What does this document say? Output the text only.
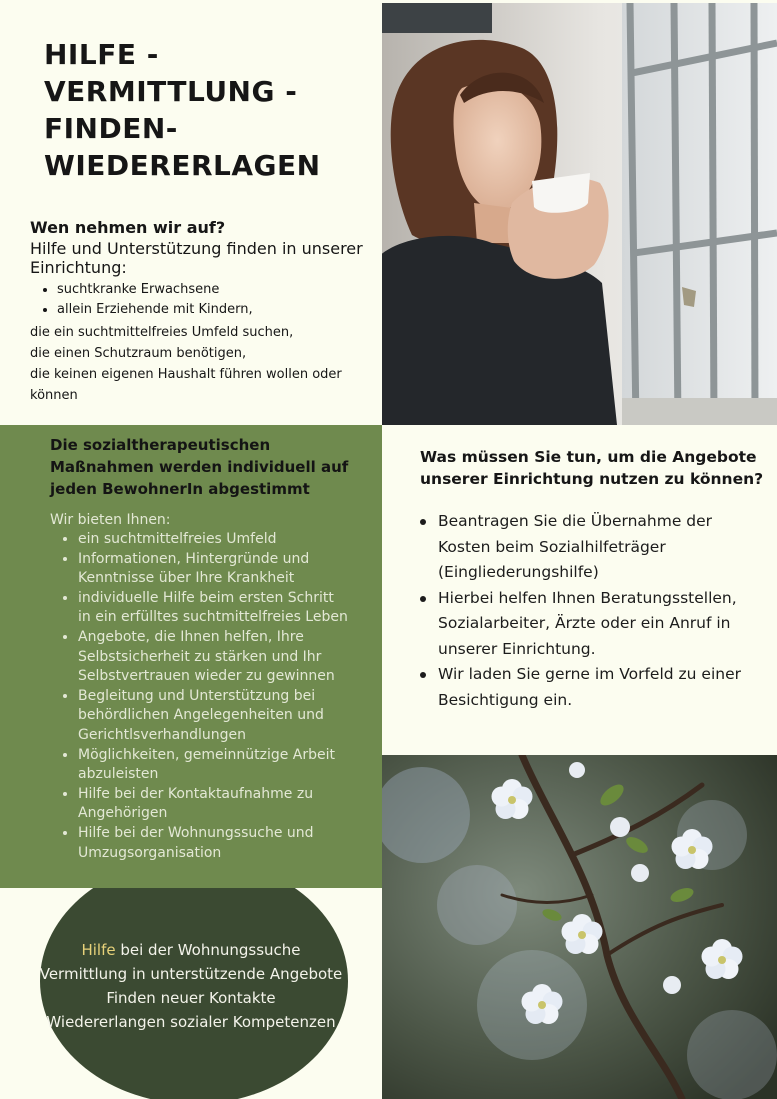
HILFE -
VERMITTLUNG -
FINDEN-
WIEDERERLAGEN

Wen nehmen wir auf?

Hilfe und Unterstützung finden in unserer Einrichtung:

• suchtkranke Erwachsene
• allein Erziehende mit Kindern,

die ein suchtmittelfreies Umfeld suchen,

die einen Schutzraum benötigen,

die keinen eigenen Haushalt führen wollen oder können

Die sozialtherapeutischen Maßnahmen werden individuell auf jeden BewohnerIn abgestimmt

Wir bieten Ihnen:

• ein suchtmittelfreies Umfeld
• Informationen, Hintergründe und Kenntnisse über Ihre Krankheit
• individuelle Hilfe beim ersten Schritt in ein erfülltes suchtmittelfreies Leben
• Angebote, die Ihnen helfen, Ihre Selbstsicherheit zu stärken und Ihr Selbstvertrauen wieder zu gewinnen
• Begleitung und Unterstützung bei behördlichen Angelegenheiten und Gerichtlsverhandlungen
• Möglichkeiten, gemeinnützige Arbeit abzuleisten
• Hilfe bei der Kontaktaufnahme zu Angehörigen
• Hilfe bei der Wohnungssuche und Umzugsorganisation

Was müssen Sie tun, um die Angebote unserer Einrichtung nutzen zu können?

Beantragen Sie die Übernahme der Kosten beim Sozialhilfeträger (Eingliederungshilfe)
Hierbei helfen Ihnen Beratungsstellen, Sozialarbeiter, Ärzte oder ein Anruf in unserer Einrichtung.
Wir laden Sie gerne im Vorfeld zu einer Besichtigung ein.

Hilfe bei der Wohnungssuche

Vermittlung in unterstützende Angebote

Finden neuer Kontakte

Wiedererlangen sozialer Kompetenzen
